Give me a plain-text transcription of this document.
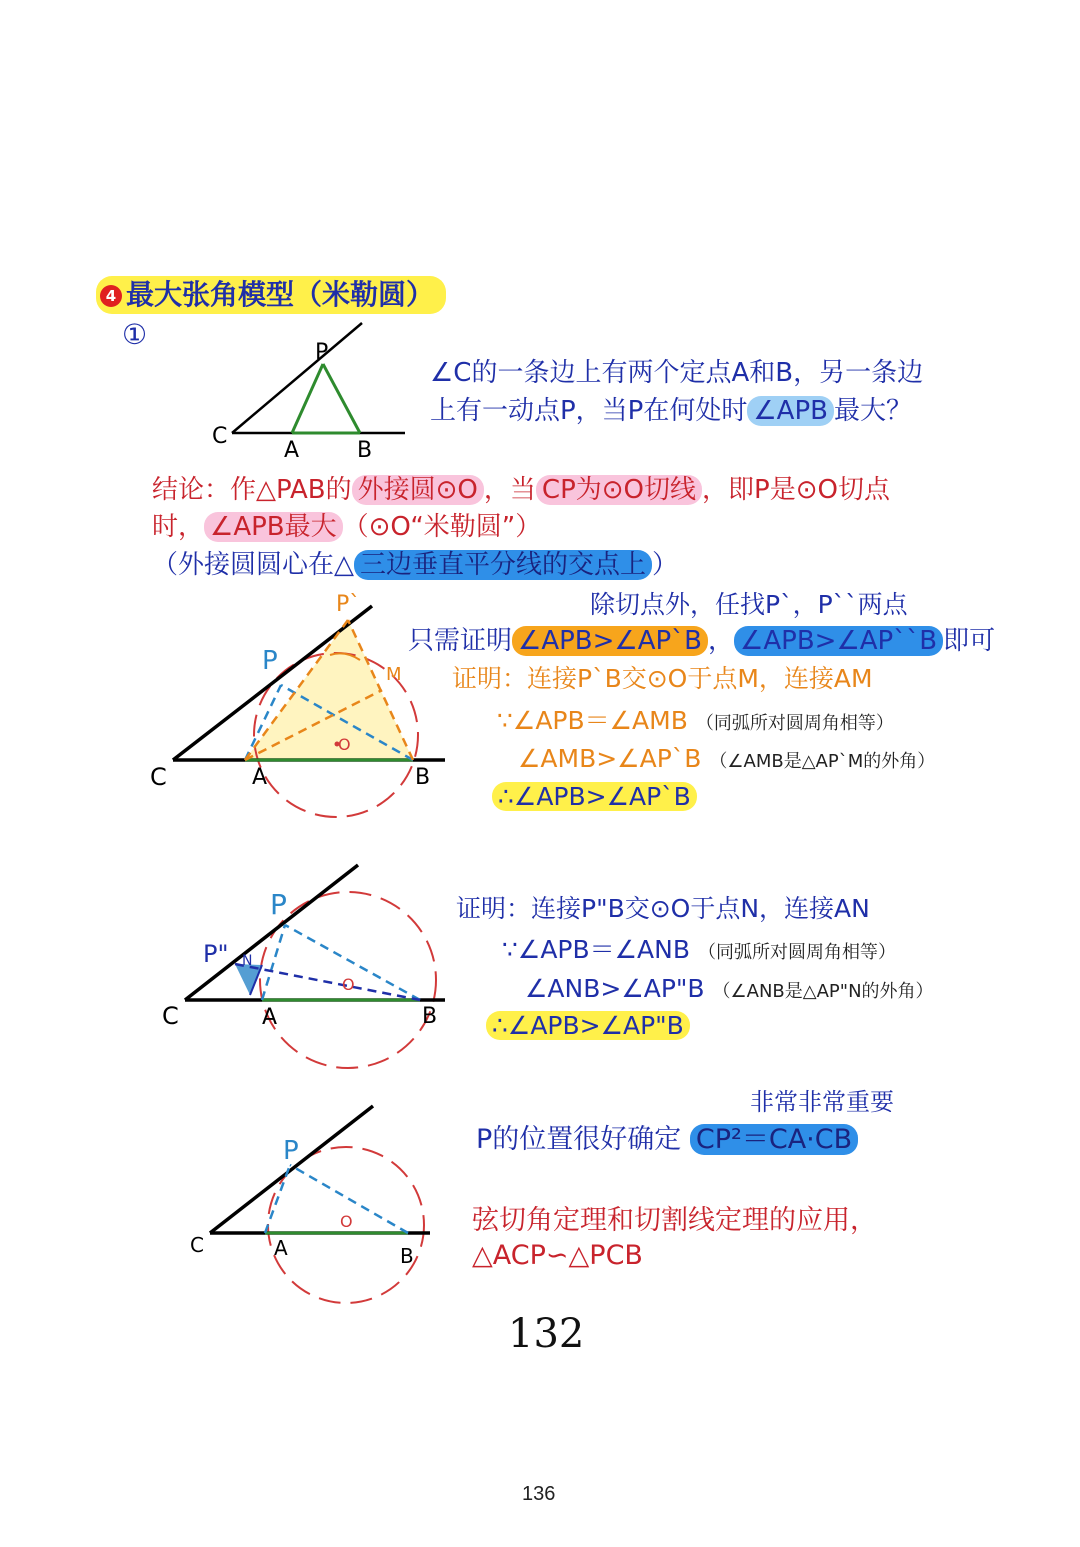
4 最大张角模型（米勒圆）
①
C
A	B
P
∠C的一条边上有两个定点A和B，另一条边
上有一动点P，当P在何处时 ∠APB 最大？
结论：作△PAB的 外接圆⊙O ，当 CP为⊙O切线 ，即P是⊙O切点
时， ∠APB最大 （⊙O“米勒圆”）
（外接圆圆心在△ 三边垂直平分线的交点上 ）
C	A	B
P
P`
M
O
除切点外，任找P`，P``两点
只需证明 ∠APB>∠AP`B ， ∠APB>∠AP``B 即可
证明：连接P`B交⊙O于点M，连接AM
∵∠APB＝∠AMB （同弧所对圆周角相等）
∠AMB>∠AP`B （∠AMB是△AP`M的外角）
∴∠APB>∠AP`B
C	A	B
P
P" N
O
证明：连接P"B交⊙O于点N，连接AN
∵∠APB＝∠ANB （同弧所对圆周角相等）
∠ANB>∠AP"B （∠ANB是△AP"N的外角）
∴∠APB>∠AP"B
C	A	B
P
O
非常非常重要
P的位置很好确定 CP²＝CA·CB
弦切角定理和切割线定理的应用，
△ACP∽△PCB
132
136
